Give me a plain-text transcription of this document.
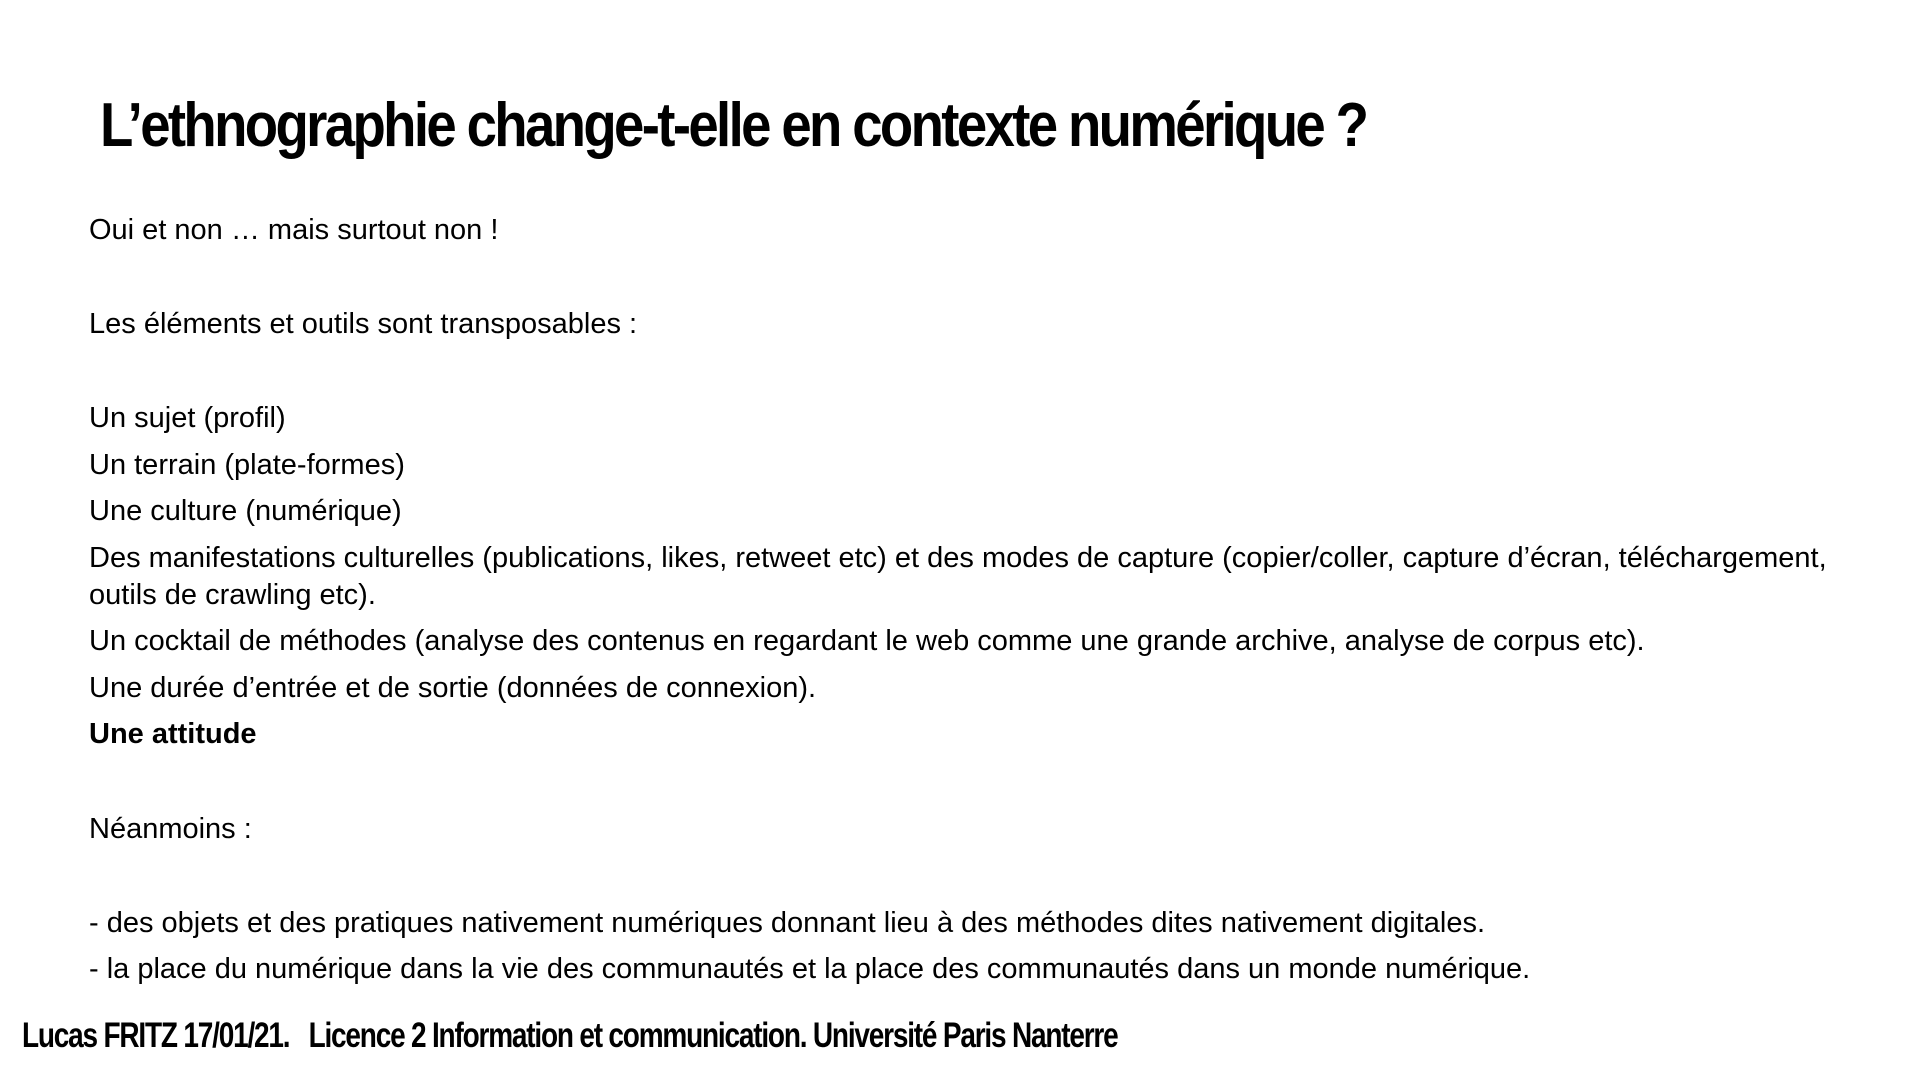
L’ethnographie change-t-elle en contexte numérique ?

Oui et non … mais surtout non !

Les éléments et outils sont transposables :

Un sujet (profil)

Un terrain (plate-formes)

Une culture (numérique)

Des manifestations culturelles (publications, likes, retweet etc) et des modes de capture (copier/coller, capture d’écran, téléchargement, outils de crawling etc).

Un cocktail de méthodes (analyse des contenus en regardant le web comme une grande archive, analyse de corpus etc).

Une durée d’entrée et de sortie (données de connexion).

Une attitude

Néanmoins :

- des objets et des pratiques nativement numériques donnant lieu à des méthodes dites nativement digitales.

- la place du numérique dans la vie des communautés et la place des communautés dans un monde numérique.

Lucas FRITZ 17/01/21. Licence 2 Information et communication. Université Paris Nanterre
